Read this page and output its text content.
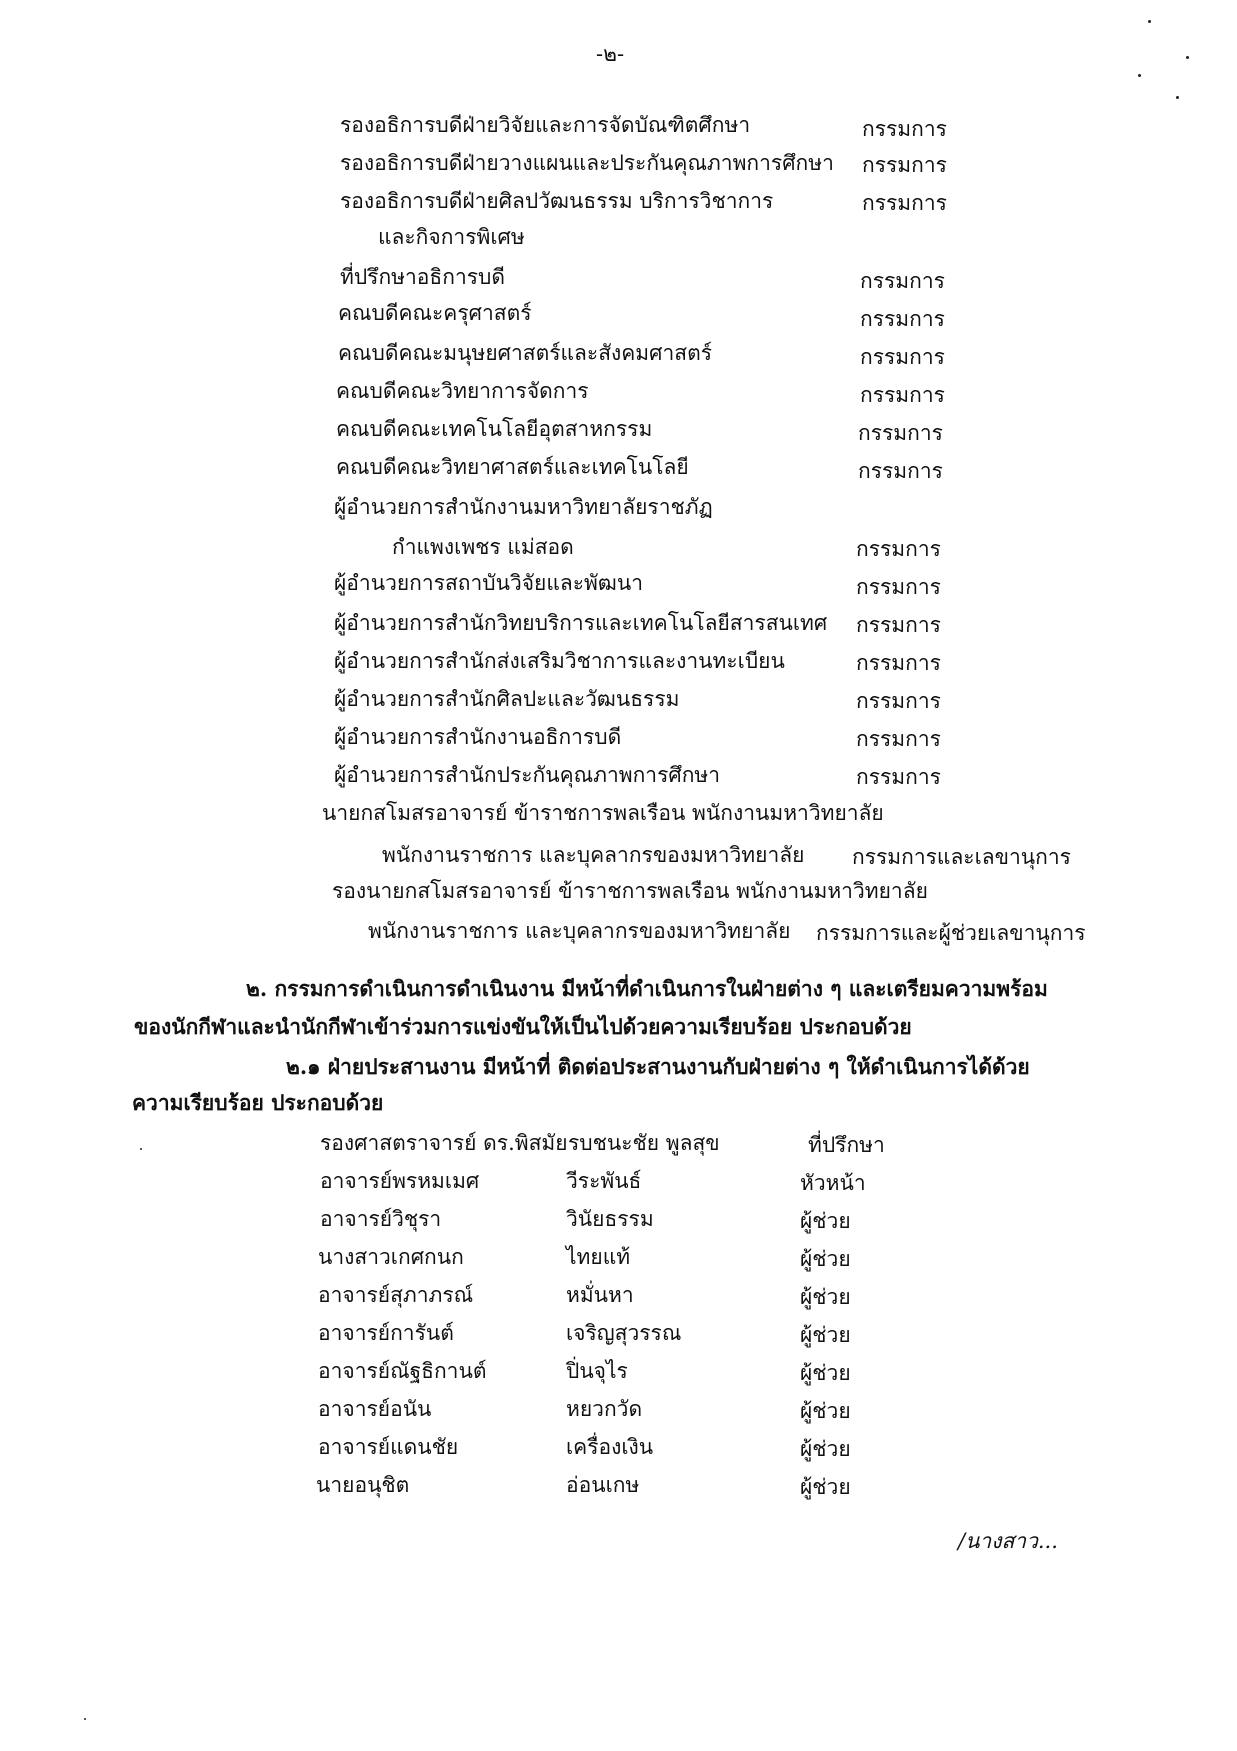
-๒-
รองอธิการบดีฝ่ายวิจัยและการจัดบัณฑิตศึกษา	กรรมการ
รองอธิการบดีฝ่ายวางแผนและประกันคุณภาพการศึกษา กรรมการ
รองอธิการบดีฝ่ายศิลปวัฒนธรรม บริการวิชาการ	กรรมการ
และกิจการพิเศษ
ที่ปรึกษาอธิการบดี	กรรมการ
คณบดีคณะครุศาสตร์	กรรมการ
คณบดีคณะมนุษยศาสตร์และสังคมศาสตร์	กรรมการ
คณบดีคณะวิทยาการจัดการ	กรรมการ
คณบดีคณะเทคโนโลยีอุตสาหกรรม	กรรมการ
คณบดีคณะวิทยาศาสตร์และเทคโนโลยี	กรรมการ
ผู้อำนวยการสำนักงานมหาวิทยาลัยราชภัฏ
กำแพงเพชร แม่สอด	กรรมการ
ผู้อำนวยการสถาบันวิจัยและพัฒนา	กรรมการ
ผู้อำนวยการสำนักวิทยบริการและเทคโนโลยีสารสนเทศ กรรมการ
ผู้อำนวยการสำนักส่งเสริมวิชาการและงานทะเบียน	กรรมการ
ผู้อำนวยการสำนักศิลปะและวัฒนธรรม	กรรมการ
ผู้อำนวยการสำนักงานอธิการบดี	กรรมการ
ผู้อำนวยการสำนักประกันคุณภาพการศึกษา	กรรมการ
นายกสโมสรอาจารย์ ข้าราชการพลเรือน พนักงานมหาวิทยาลัย
พนักงานราชการ และบุคลากรของมหาวิทยาลัย กรรมการและเลขานุการ
รองนายกสโมสรอาจารย์ ข้าราชการพลเรือน พนักงานมหาวิทยาลัย
พนักงานราชการ และบุคลากรของมหาวิทยาลัย กรรมการและผู้ช่วยเลขานุการ
๒. กรรมการดำเนินการดำเนินงาน มีหน้าที่ดำเนินการในฝ่ายต่าง ๆ และเตรียมความพร้อม
ของนักกีฬาและนำนักกีฬาเข้าร่วมการแข่งขันให้เป็นไปด้วยความเรียบร้อย ประกอบด้วย
๒.๑ ฝ่ายประสานงาน มีหน้าที่ ติดต่อประสานงานกับฝ่ายต่าง ๆ ให้ดำเนินการได้ด้วย
ความเรียบร้อย ประกอบด้วย
รองศาสตราจารย์ ดร.พิสมัย รบชนะชัย พูลสุข	ที่ปรึกษา
อาจารย์พรหมเมศ	วีระพันธ์	หัวหน้า
อาจารย์วิชุรา	วินัยธรรม	ผู้ช่วย
นางสาวเกศกนก	ไทยแท้	ผู้ช่วย
อาจารย์สุภาภรณ์	หมั่นหา	ผู้ช่วย
อาจารย์การันต์	เจริญสุวรรณ	ผู้ช่วย
อาจารย์ณัฐธิกานต์	ปิ่นจุไร	ผู้ช่วย
อาจารย์อนัน	หยวกวัด	ผู้ช่วย
อาจารย์แดนชัย	เครื่องเงิน	ผู้ช่วย
นายอนุชิต	อ่อนเกษ	ผู้ช่วย
/นางสาว...
